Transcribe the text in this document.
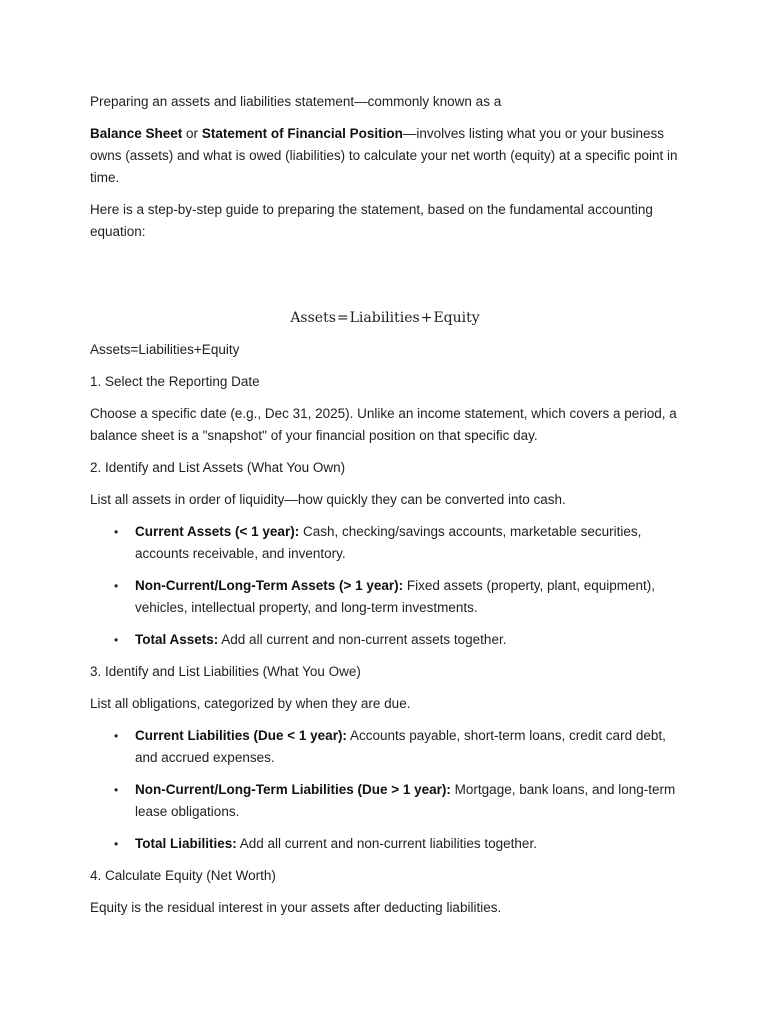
Preparing an assets and liabilities statement—commonly known as a

Balance Sheet or Statement of Financial Position—involves listing what you or your business owns (assets) and what is owed (liabilities) to calculate your net worth (equity) at a specific point in time.

Here is a step-by-step guide to preparing the statement, based on the fundamental accounting equation:

Assets=Liabilities+Equity

Assets=Liabilities+Equity

1. Select the Reporting Date

Choose a specific date (e.g., Dec 31, 2025). Unlike an income statement, which covers a period, a balance sheet is a "snapshot" of your financial position on that specific day.

2. Identify and List Assets (What You Own)

List all assets in order of liquidity—how quickly they can be converted into cash.

• Current Assets (< 1 year): Cash, checking/savings accounts, marketable securities, accounts receivable, and inventory.
• Non-Current/Long-Term Assets (> 1 year): Fixed assets (property, plant, equipment), vehicles, intellectual property, and long-term investments.
• Total Assets: Add all current and non-current assets together.

3. Identify and List Liabilities (What You Owe)

List all obligations, categorized by when they are due.

• Current Liabilities (Due < 1 year): Accounts payable, short-term loans, credit card debt, and accrued expenses.
• Non-Current/Long-Term Liabilities (Due > 1 year): Mortgage, bank loans, and long-term lease obligations.
• Total Liabilities: Add all current and non-current liabilities together.

4. Calculate Equity (Net Worth)

Equity is the residual interest in your assets after deducting liabilities.
